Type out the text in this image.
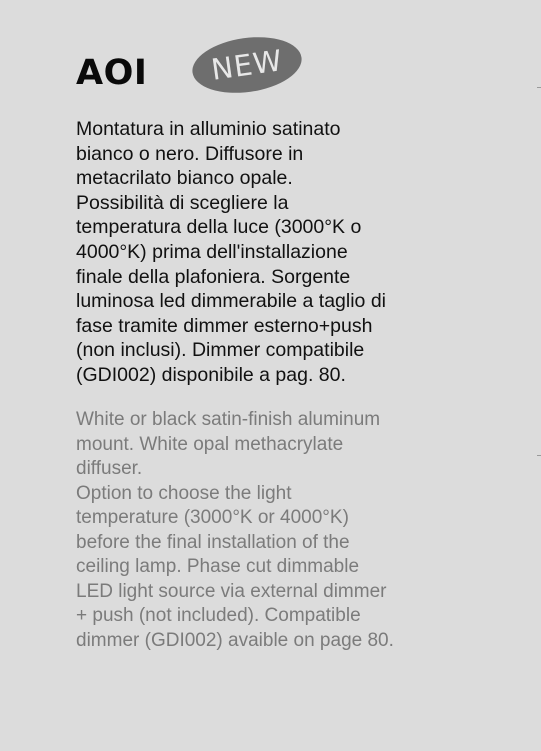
AOI NEW

Montatura in alluminio satinato
bianco o nero. Diffusore in
metacrilato bianco opale.
Possibilità di scegliere la
temperatura della luce (3000°K o
4000°K) prima dell'installazione
finale della plafoniera. Sorgente
luminosa led dimmerabile a taglio di
fase tramite dimmer esterno+push
(non inclusi). Dimmer compatibile
(GDI002) disponibile a pag. 80.

White or black satin-finish aluminum
mount. White opal methacrylate
diffuser.
Option to choose the light
temperature (3000°K or 4000°K)
before the final installation of the
ceiling lamp. Phase cut dimmable
LED light source via external dimmer
+ push (not included). Compatible
dimmer (GDI002) avaible on page 80.
